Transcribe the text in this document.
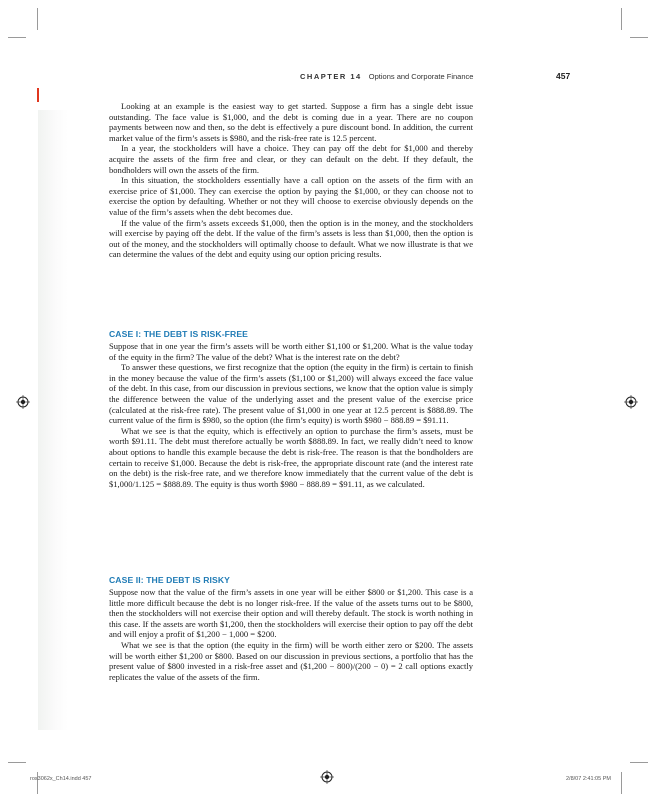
CHAPTER 14 Options and Corporate Finance	457

Looking at an example is the easiest way to get started. Suppose a firm has a single debt issue outstanding. The face value is $1,000, and the debt is coming due in a year. There are no coupon payments between now and then, so the debt is effectively a pure discount bond. In addition, the current market value of the firm’s assets is $980, and the risk-free rate is 12.5 percent.

In a year, the stockholders will have a choice. They can pay off the debt for $1,000 and thereby acquire the assets of the firm free and clear, or they can default on the debt. If they default, the bondholders will own the assets of the firm.

In this situation, the stockholders essentially have a call option on the assets of the firm with an exercise price of $1,000. They can exercise the option by paying the $1,000, or they can choose not to exercise the option by defaulting. Whether or not they will choose to exercise obviously depends on the value of the firm’s assets when the debt becomes due.

If the value of the firm’s assets exceeds $1,000, then the option is in the money, and the stockholders will exercise by paying off the debt. If the value of the firm’s assets is less than $1,000, then the option is out of the money, and the stockholders will optimally choose to default. What we now illustrate is that we can determine the values of the debt and equity using our option pricing results.

CASE I: THE DEBT IS RISK-FREE

Suppose that in one year the firm’s assets will be worth either $1,100 or $1,200. What is the value today of the equity in the firm? The value of the debt? What is the interest rate on the debt?

To answer these questions, we first recognize that the option (the equity in the firm) is certain to finish in the money because the value of the firm’s assets ($1,100 or $1,200) will always exceed the face value of the debt. In this case, from our discussion in previous sections, we know that the option value is simply the difference between the value of the underlying asset and the present value of the exercise price (calculated at the risk-free rate). The present value of $1,000 in one year at 12.5 percent is $888.89. The current value of the firm is $980, so the option (the firm’s equity) is worth $980 − 888.89 = $91.11.

What we see is that the equity, which is effectively an option to purchase the firm’s assets, must be worth $91.11. The debt must therefore actually be worth $888.89. In fact, we really didn’t need to know about options to handle this example because the debt is risk-free. The reason is that the bondholders are certain to receive $1,000. Because the debt is risk-free, the appropriate discount rate (and the interest rate on the debt) is the risk-free rate, and we therefore know immediately that the current value of the debt is $1,000/1.125 = $888.89. The equity is thus worth $980 − 888.89 = $91.11, as we calculated.

CASE II: THE DEBT IS RISKY

Suppose now that the value of the firm’s assets in one year will be either $800 or $1,200. This case is a little more difficult because the debt is no longer risk-free. If the value of the assets turns out to be $800, then the stockholders will not exercise their option and will thereby default. The stock is worth nothing in this case. If the assets are worth $1,200, then the stockholders will exercise their option to pay off the debt and will enjoy a profit of $1,200 − 1,000 = $200.

What we see is that the option (the equity in the firm) will be worth either zero or $200. The assets will be worth either $1,200 or $800. Based on our discussion in previous sections, a portfolio that has the present value of $800 invested in a risk-free asset and ($1,200 − 800)/(200 − 0) = 2 call options exactly replicates the value of the assets of the firm.

ros3062x_Ch14.indd 457	2/8/07 2:41:05 PM
